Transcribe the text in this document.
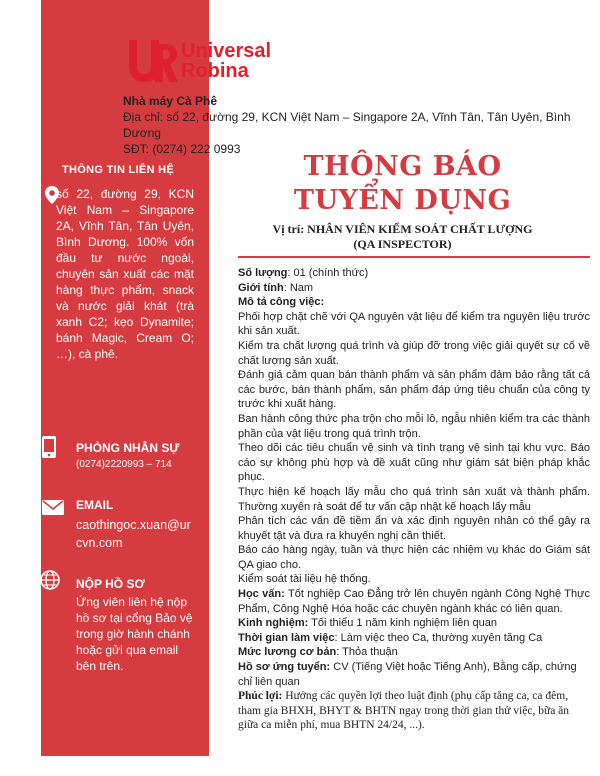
Universal
Robina
Nhà máy Cà Phê
Địa chỉ: số 22, đường 29, KCN Việt Nam – Singapore 2A, Vĩnh Tân, Tân Uyên, Bình Dương
SĐT: (0274) 222 0993
THÔNG TIN LIÊN HỆ
số 22, đường 29, KCN Việt Nam – Singapore 2A, Vĩnh Tân, Tân Uyên, Bình Dương. 100% vốn đầu tư nước ngoài, chuyên sản xuất các mặt hàng thực phẩm, snack và nước giải khát (trà xanh C2; kẹo Dynamite; bánh Magic, Cream O; …), cà phê.
PHÒNG NHÂN SỰ
(0274)2220993 – 714
EMAIL
caothingoc.xuan@urcvn.com
NỘP HỒ SƠ
Ứng viên liên hệ nộp hồ sơ tại cổng Bảo vệ trong giờ hành chánh hoặc gửi qua email bên trên.
THÔNG BÁO
TUYỂN DỤNG
Vị trí: NHÂN VIÊN KIỂM SOÁT CHẤT LƯỢNG
(QA INSPECTOR)

Số lượng: 01 (chính thức)

Giới tính: Nam

Mô tả công việc:

Phối hợp chặt chẽ với QA nguyên vật liệu để kiểm tra nguyên liệu trước khi sản xuất.

Kiểm tra chất lượng quá trình và giúp đỡ trong việc giải quyết sự cố về chất lượng sản xuất.

Đánh giá cảm quan bán thành phẩm và sản phẩm đảm bảo rằng tất cả các bước, bán thành phẩm, sản phẩm đáp ứng tiêu chuẩn của công ty trước khi xuất hàng.

Ban hành công thức pha trộn cho mỗi lô, ngẫu nhiên kiểm tra các thành phần của vật liệu trong quá trình trộn.

Theo dõi các tiêu chuẩn vệ sinh và tình trạng vệ sinh tại khu vực. Báo cáo sự không phù hợp và đề xuất cũng như giám sát biện pháp khắc phục.

Thực hiện kế hoạch lấy mẫu cho quá trình sản xuất và thành phẩm. Thường xuyên rà soát để tư vấn cập nhật kế hoạch lấy mẫu

Phân tích các vấn đề tiềm ẩn và xác định nguyên nhân có thể gây ra khuyết tật và đưa ra khuyến nghị cần thiết.

Báo cáo hàng ngày, tuần và thực hiện các nhiệm vụ khác do Giám sát QA giao cho.

Kiểm soát tài liệu hệ thống.

Học vấn: Tốt nghiệp Cao Đẳng trở lên chuyên ngành Công Nghệ Thực Phẩm, Công Nghệ Hóa hoặc các chuyên ngành khác có liên quan.

Kinh nghiệm: Tối thiểu 1 năm kinh nghiệm liên quan

Thời gian làm việc: Làm việc theo Ca, thường xuyên tăng Ca

Mức lương cơ bản: Thỏa thuận

Hồ sơ ứng tuyển: CV (Tiếng Việt hoặc Tiếng Anh), Bằng cấp, chứng chỉ liên quan

Phúc lợi: Hưởng các quyền lợi theo luật định (phụ cấp tăng ca, ca đêm, tham gia BHXH, BHYT & BHTN ngay trong thời gian thử việc, bữa ăn giữa ca miễn phí, mua BHTN 24/24, ...).
